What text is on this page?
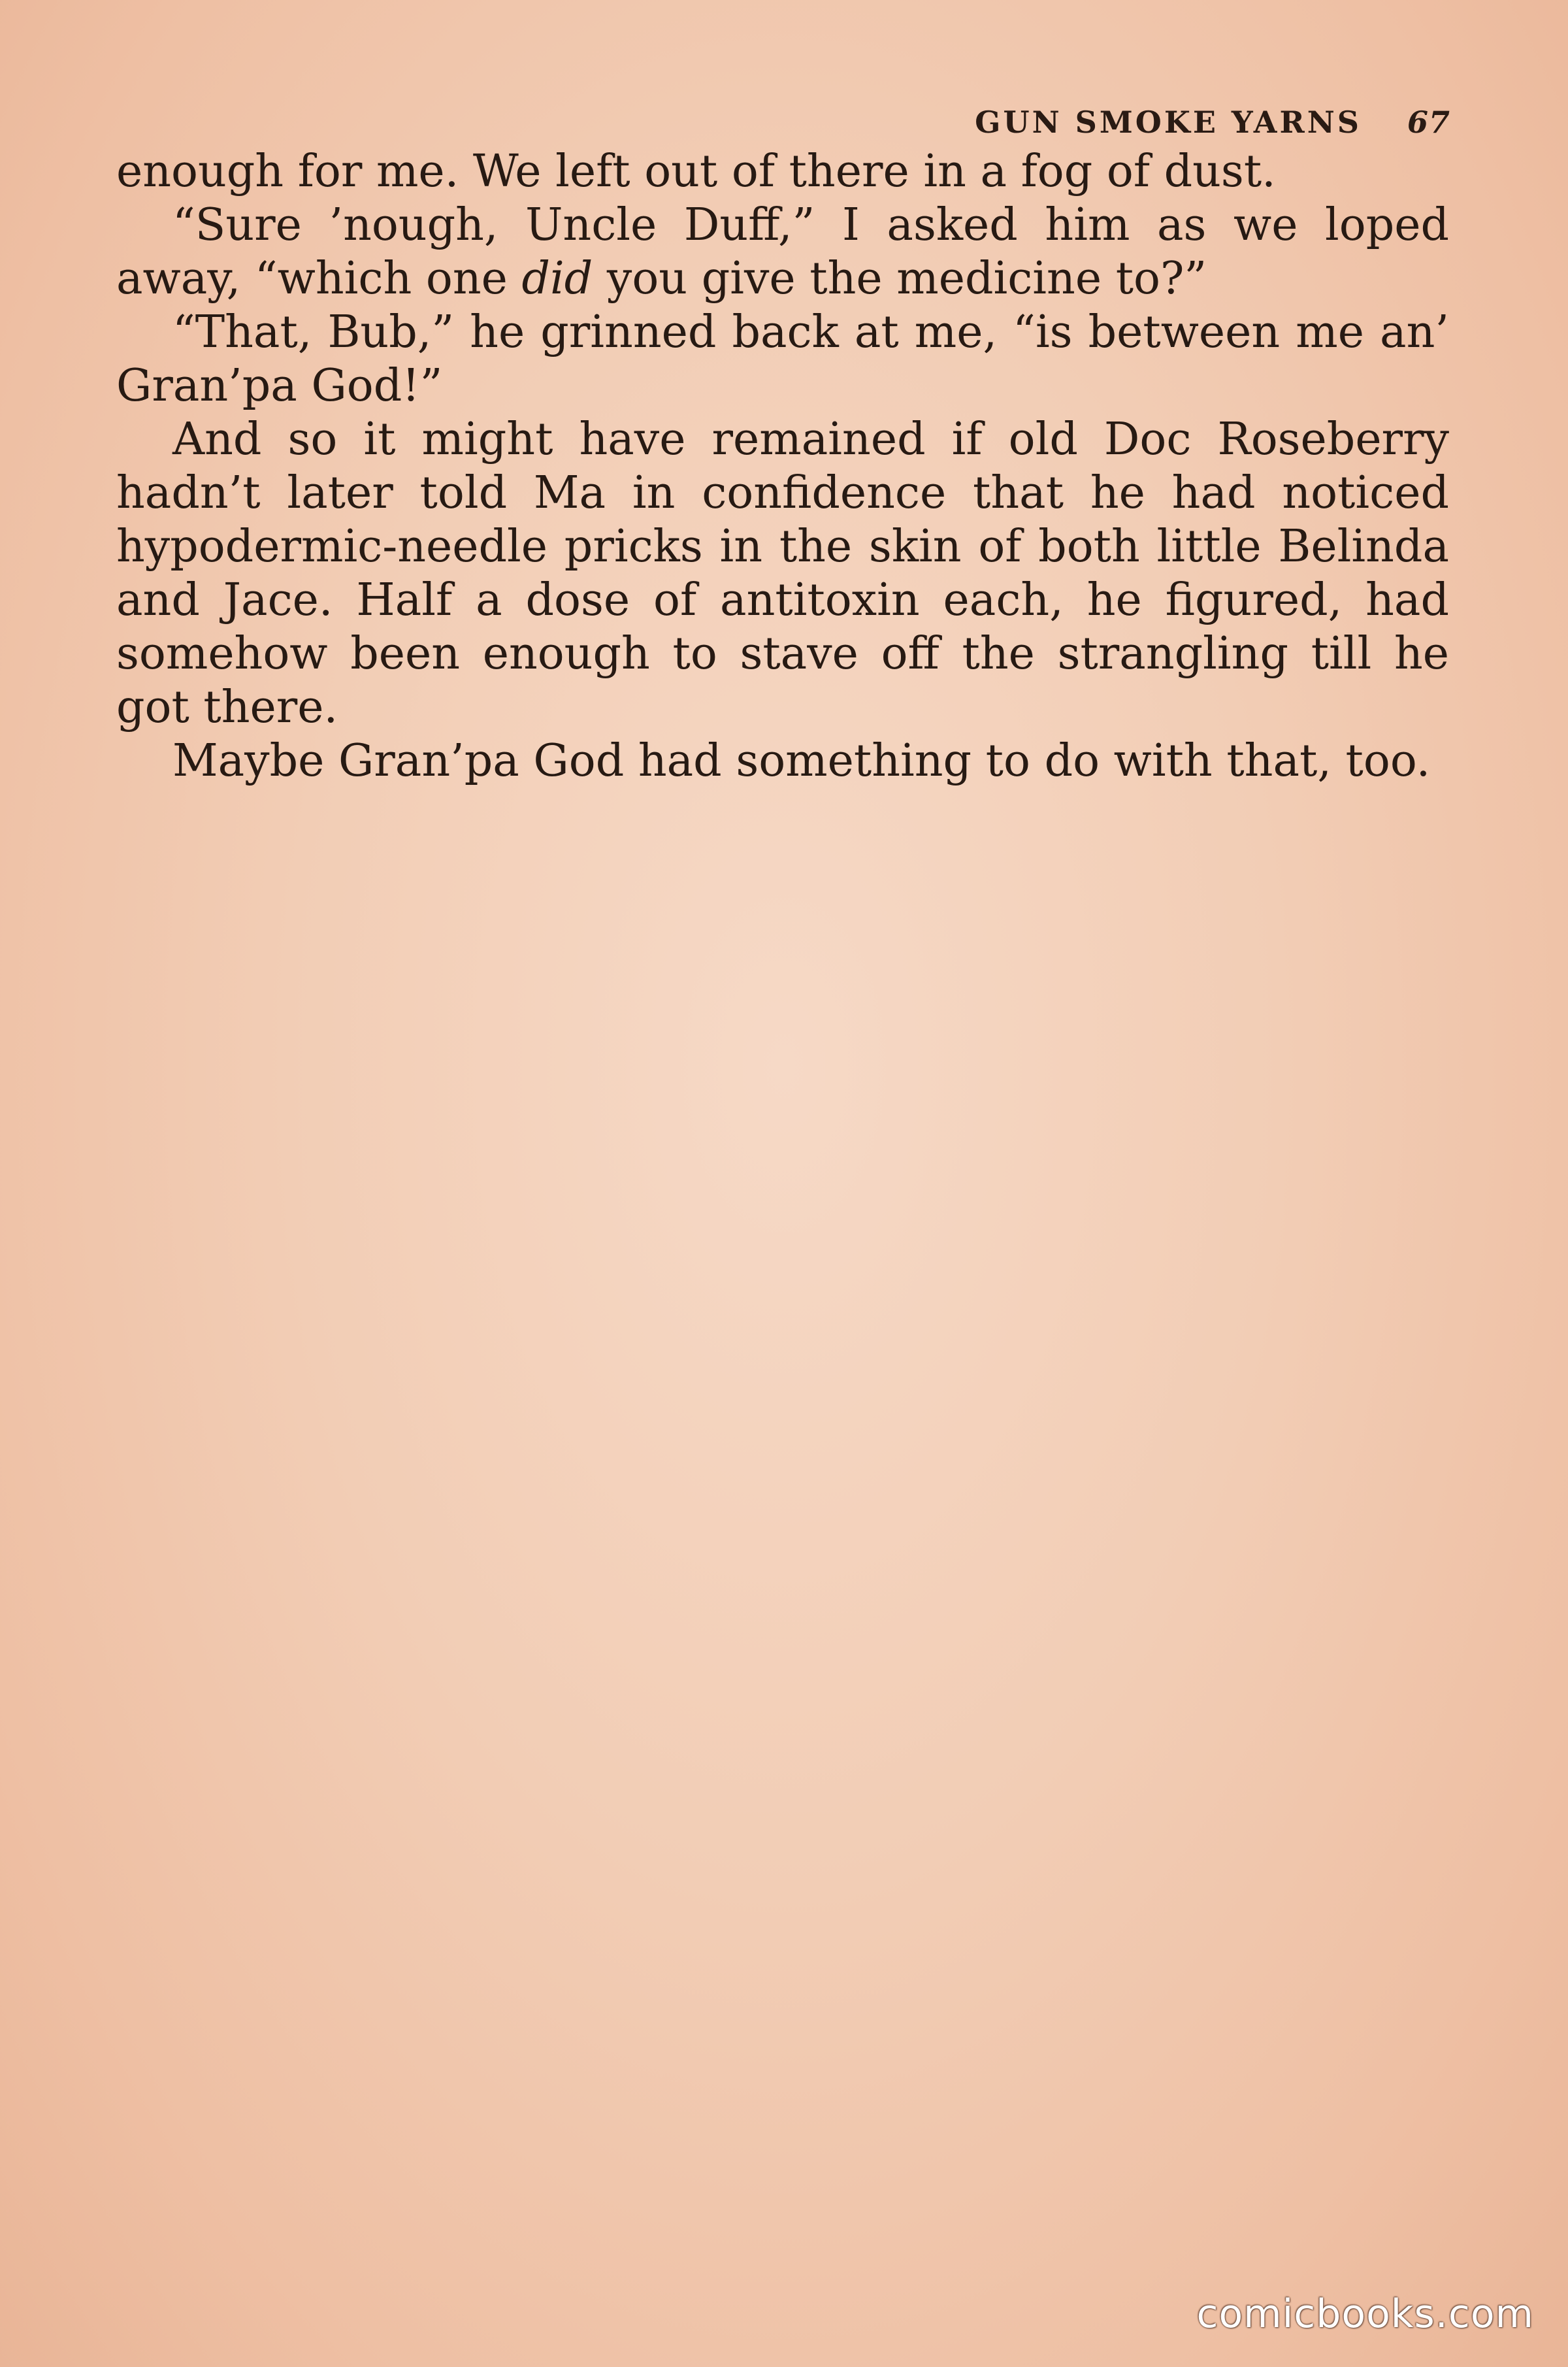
GUN SMOKE YARNS 67

enough for me. We left out of there in a fog of dust.

“Sure ’nough, Uncle Duff,” I asked him as we loped away, “which one did you give the medicine to?”

“That, Bub,” he grinned back at me, “is between me an’ Gran’pa God!”

And so it might have remained if old Doc Roseberry hadn’t later told Ma in confidence that he had noticed hypodermic-needle pricks in the skin of both little Belinda and Jace. Half a dose of antitoxin each, he figured, had somehow been enough to stave off the strangling till he got there.

Maybe Gran’pa God had something to do with that, too.

comicbooks.com
